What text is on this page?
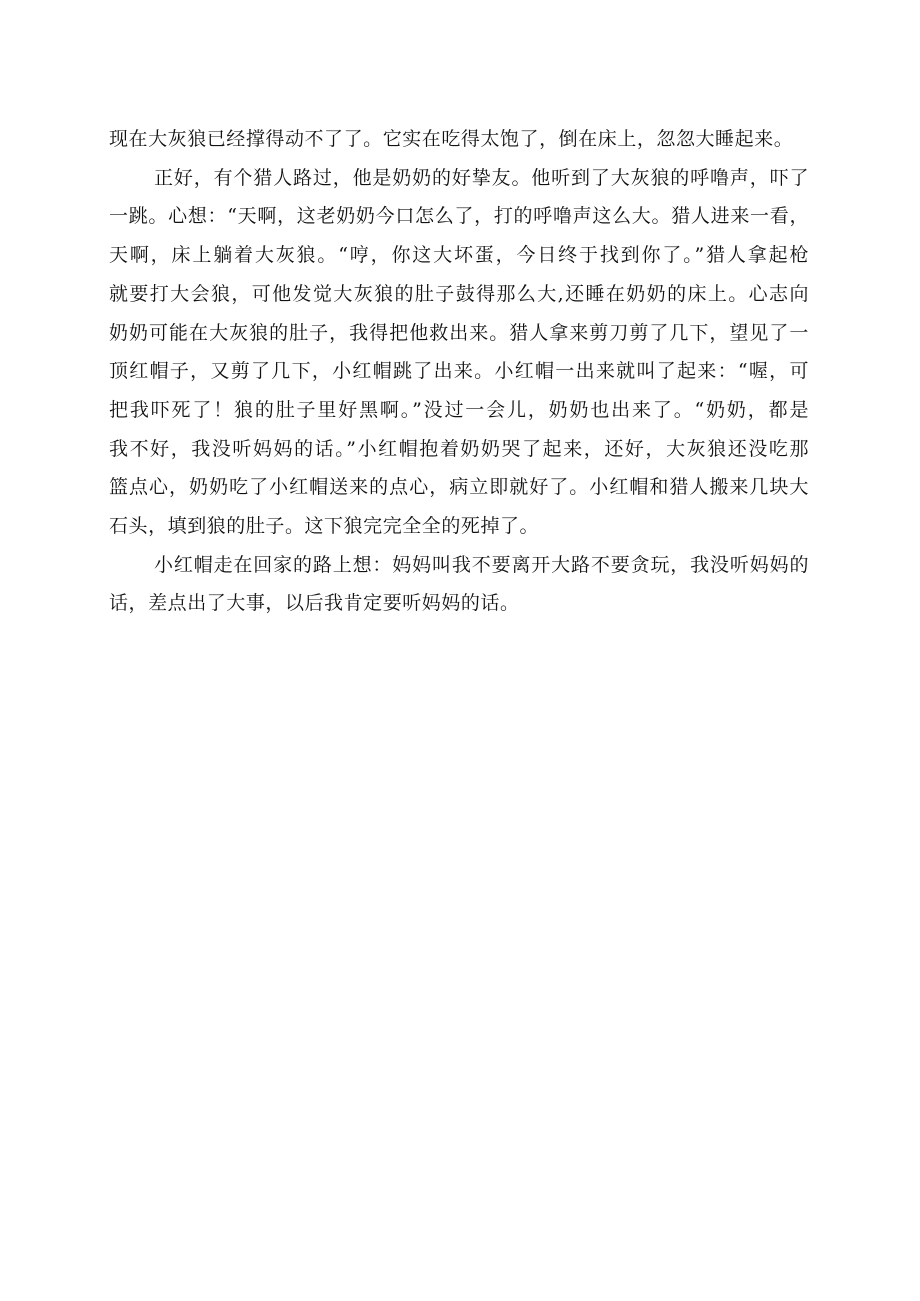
现在大灰狼已经撑得动不了了。它实在吃得太饱了，倒在床上，忽忽大睡起来。
正好，有个猎人路过，他是奶奶的好挚友。他听到了大灰狼的呼噜声，吓了
一跳。心想：“天啊，这老奶奶今口怎么了，打的呼噜声这么大。猎人进来一看，
天啊，床上躺着大灰狼。“哼，你这大坏蛋，今日终于找到你了。”猎人拿起枪
就要打大会狼，可他发觉大灰狼的肚子鼓得那么大,还睡在奶奶的床上。心志向
奶奶可能在大灰狼的肚子，我得把他救出来。猎人拿来剪刀剪了几下，望见了一
顶红帽子，又剪了几下，小红帽跳了出来。小红帽一出来就叫了起来：“喔，可
把我吓死了！狼的肚子里好黑啊。”没过一会儿，奶奶也出来了。“奶奶，都是
我不好，我没听妈妈的话。”小红帽抱着奶奶哭了起来，还好，大灰狼还没吃那
篮点心，奶奶吃了小红帽送来的点心，病立即就好了。小红帽和猎人搬来几块大
石头，填到狼的肚子。这下狼完完全全的死掉了。
小红帽走在回家的路上想：妈妈叫我不要离开大路不要贪玩，我没听妈妈的
话，差点出了大事，以后我肯定要听妈妈的话。
